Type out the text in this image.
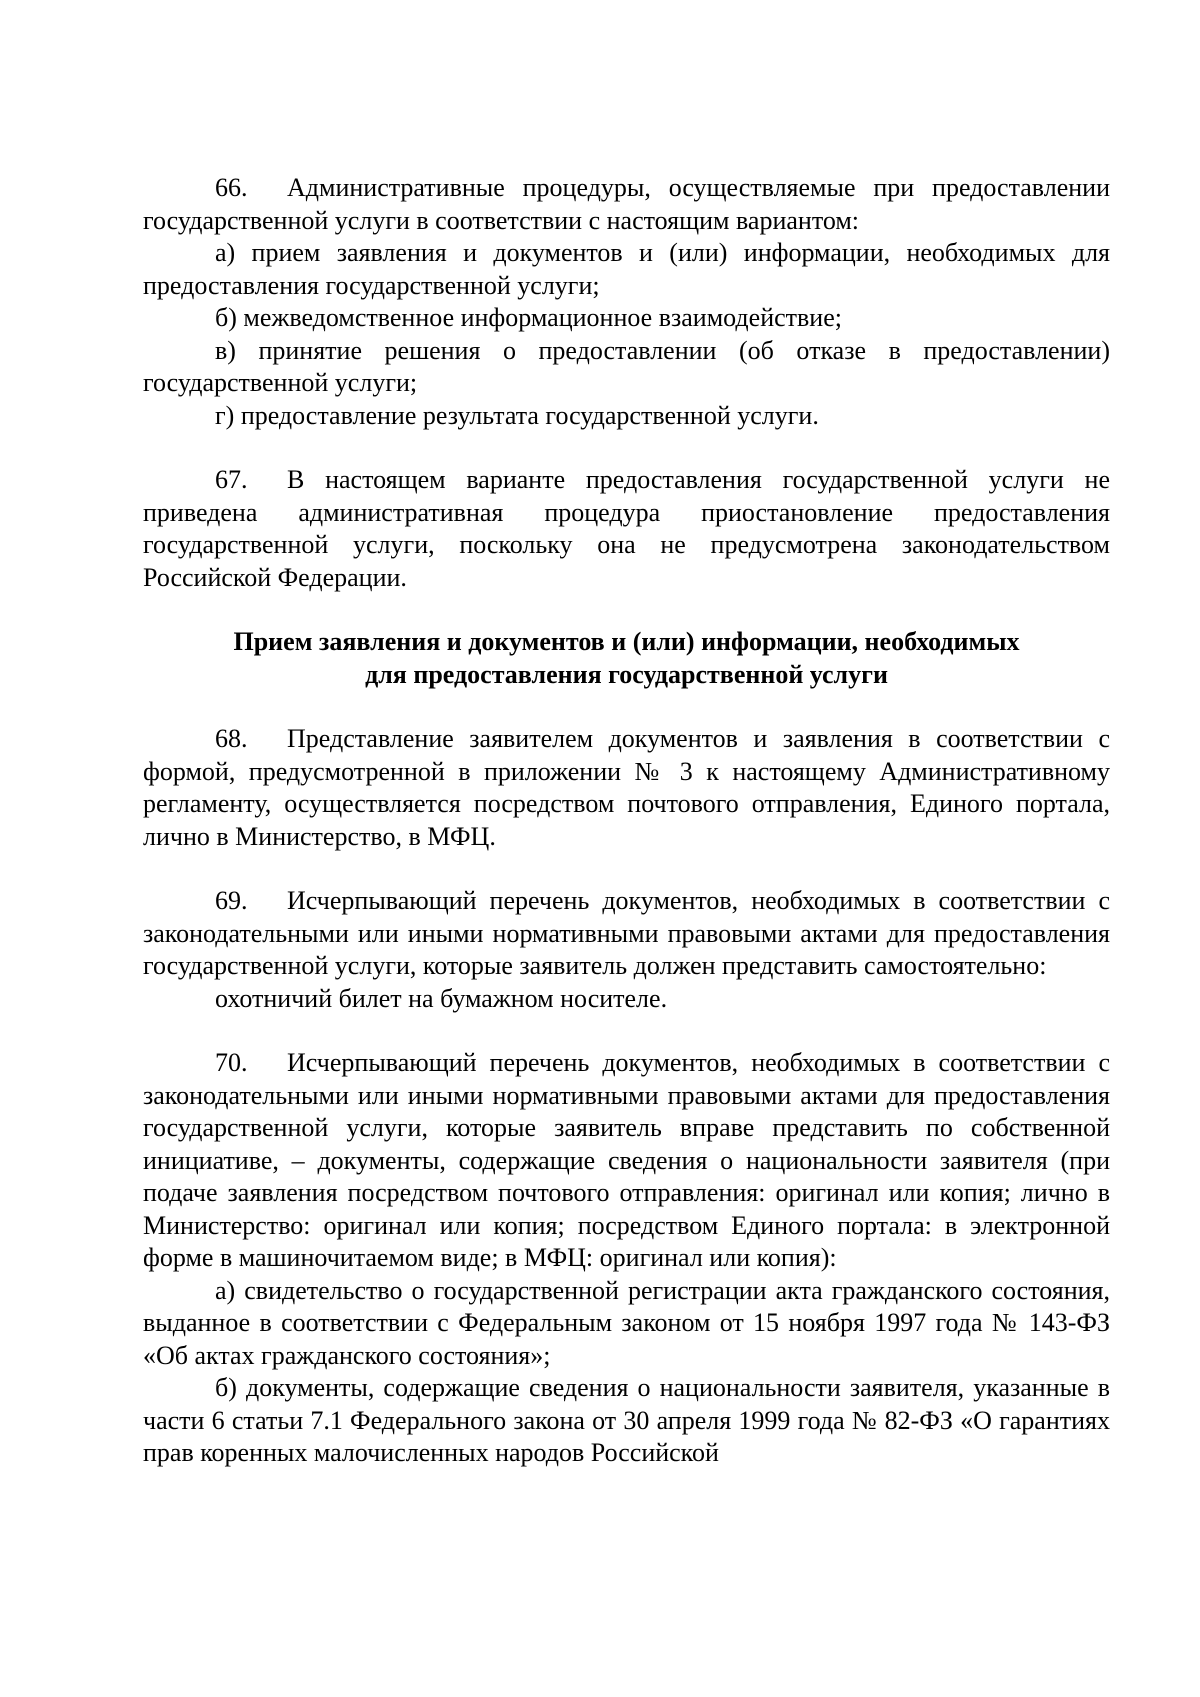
66. Административные процедуры, осуществляемые при предоставлении государственной услуги в соответствии с настоящим вариантом:

а) прием заявления и документов и (или) информации, необходимых для предоставления государственной услуги;

б) межведомственное информационное взаимодействие;

в) принятие решения о предоставлении (об отказе в предоставлении) государственной услуги;

г) предоставление результата государственной услуги.

67. В настоящем варианте предоставления государственной услуги не приведена административная процедура приостановление предоставления государственной услуги, поскольку она не предусмотрена законодательством Российской Федерации.

Прием заявления и документов и (или) информации, необходимых
для предоставления государственной услуги

68. Представление заявителем документов и заявления в соответствии с формой, предусмотренной в приложении № 3 к настоящему Административному регламенту, осуществляется посредством почтового отправления, Единого портала, лично в Министерство, в МФЦ.

69. Исчерпывающий перечень документов, необходимых в соответствии с законодательными или иными нормативными правовыми актами для предоставления государственной услуги, которые заявитель должен представить самостоятельно:

охотничий билет на бумажном носителе.

70. Исчерпывающий перечень документов, необходимых в соответствии с законодательными или иными нормативными правовыми актами для предоставления государственной услуги, которые заявитель вправе представить по собственной инициативе, – документы, содержащие сведения о национальности заявителя (при подаче заявления посредством почтового отправления: оригинал или копия; лично в Министерство: оригинал или копия; посредством Единого портала: в электронной форме в машиночитаемом виде; в МФЦ: оригинал или копия):

а) свидетельство о государственной регистрации акта гражданского состояния, выданное в соответствии с Федеральным законом от 15 ноября 1997 года № 143-ФЗ «Об актах гражданского состояния»;

б) документы, содержащие сведения о национальности заявителя, указанные в части 6 статьи 7.1 Федерального закона от 30 апреля 1999 года № 82-ФЗ «О гарантиях прав коренных малочисленных народов Российской
